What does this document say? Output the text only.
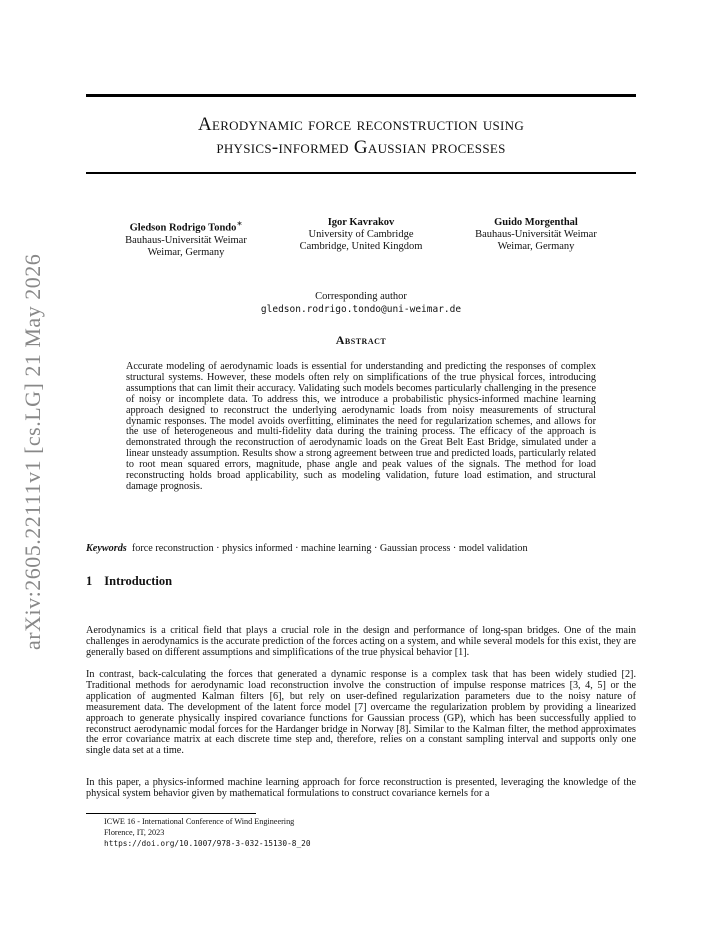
arXiv:2605.22111v1 [cs.LG] 21 May 2026
Aerodynamic force reconstruction using
physics-informed Gaussian processes
Gledson Rodrigo Tondo∗
Bauhaus-Universität Weimar
Weimar, Germany
Igor Kavrakov
University of Cambridge
Cambridge, United Kingdom
Guido Morgenthal
Bauhaus-Universität Weimar
Weimar, Germany
Corresponding author
gledson.rodrigo.tondo@uni-weimar.de
Abstract
Accurate modeling of aerodynamic loads is essential for understanding and predicting the responses of complex structural systems. However, these models often rely on simplifications of the true physical forces, introducing assumptions that can limit their accuracy. Validating such models becomes particularly challenging in the presence of noisy or incomplete data. To address this, we introduce a probabilistic physics-informed machine learning approach designed to reconstruct the underlying aerodynamic loads from noisy measurements of structural dynamic responses. The model avoids overfitting, eliminates the need for regularization schemes, and allows for the use of heterogeneous and multi-fidelity data during the training process. The efficacy of the approach is demonstrated through the reconstruction of aerodynamic loads on the Great Belt East Bridge, simulated under a linear unsteady assumption. Results show a strong agreement between true and predicted loads, particularly related to root mean squared errors, magnitude, phase angle and peak values of the signals. The method for load reconstructing holds broad applicability, such as modeling validation, future load estimation, and structural damage prognosis.
Keywords force reconstruction · physics informed · machine learning · Gaussian process · model validation
1 Introduction
Aerodynamics is a critical field that plays a crucial role in the design and performance of long-span bridges. One of the main challenges in aerodynamics is the accurate prediction of the forces acting on a system, and while several models for this exist, they are generally based on different assumptions and simplifications of the true physical behavior [1].
In contrast, back-calculating the forces that generated a dynamic response is a complex task that has been widely studied [2]. Traditional methods for aerodynamic load reconstruction involve the construction of impulse response matrices [3, 4, 5] or the application of augmented Kalman filters [6], but rely on user-defined regularization parameters due to the noisy nature of measurement data. The development of the latent force model [7] overcame the regularization problem by providing a linearized approach to generate physically inspired covariance functions for Gaussian process (GP), which has been successfully applied to reconstruct aerodynamic modal forces for the Hardanger bridge in Norway [8]. Similar to the Kalman filter, the method approximates the error covariance matrix at each discrete time step and, therefore, relies on a constant sampling interval and supports only one single data set at a time.
In this paper, a physics-informed machine learning approach for force reconstruction is presented, leveraging the knowledge of the physical system behavior given by mathematical formulations to construct covariance kernels for a
ICWE 16 - International Conference of Wind Engineering
Florence, IT, 2023
https://doi.org/10.1007/978-3-032-15130-8_20
